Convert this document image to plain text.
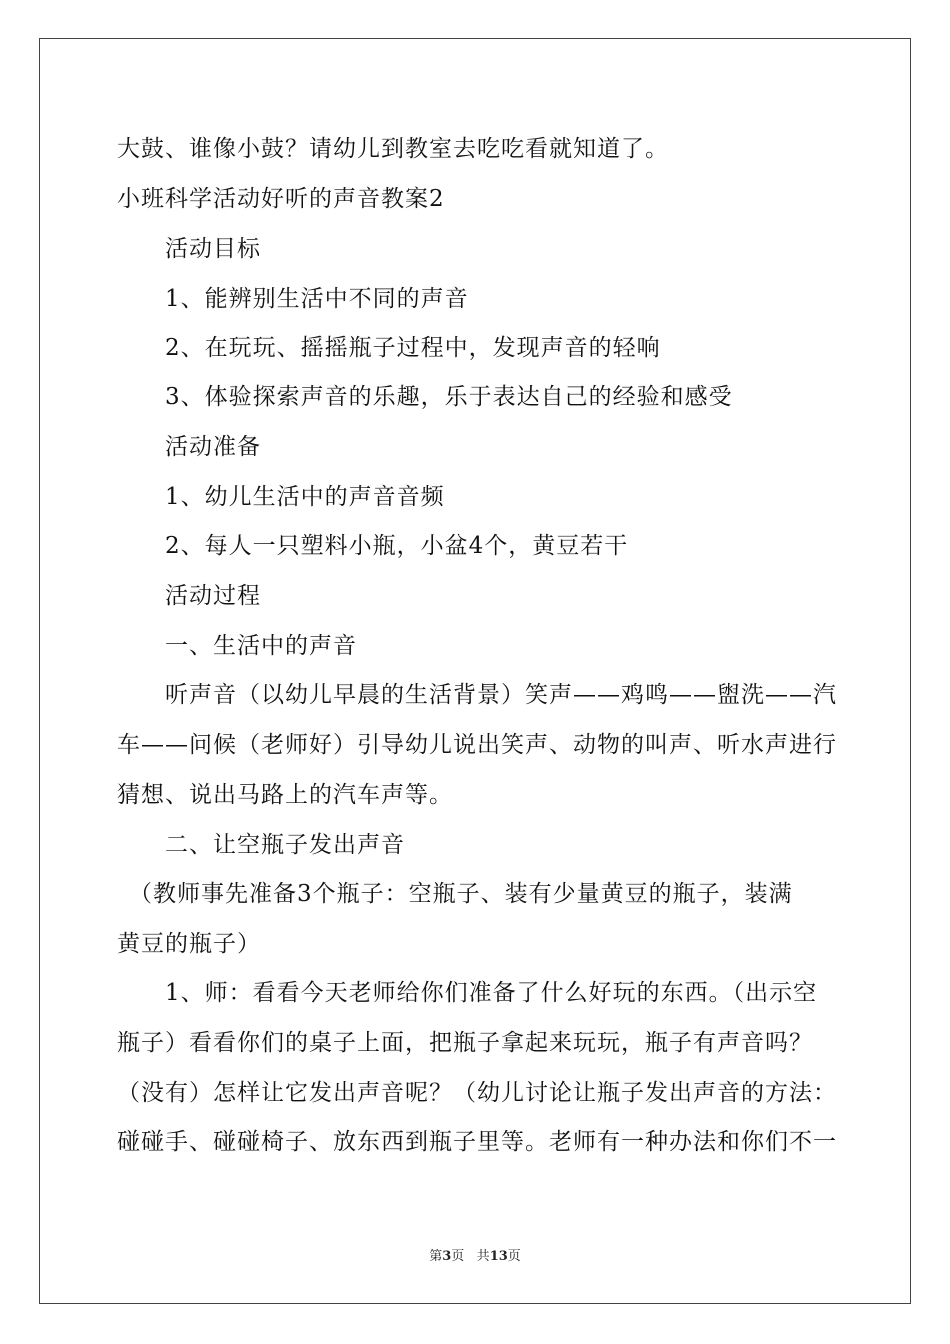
大鼓、谁像小鼓？请幼儿到教室去吃吃看就知道了。
小班科学活动好听的声音教案2
活动目标
1、能辨别生活中不同的声音
2、在玩玩、摇摇瓶子过程中，发现声音的轻响
3、体验探索声音的乐趣，乐于表达自己的经验和感受
活动准备
1、幼儿生活中的声音音频
2、每人一只塑料小瓶，小盆4个，黄豆若干
活动过程
一、生活中的声音
听声音（以幼儿早晨的生活背景）笑声——鸡鸣——盥洗——汽
车——问候（老师好）引导幼儿说出笑声、动物的叫声、听水声进行
猜想、说出马路上的汽车声等。
二、让空瓶子发出声音
（教师事先准备3个瓶子：空瓶子、装有少量黄豆的瓶子，装满
黄豆的瓶子）
1、师：看看今天老师给你们准备了什么好玩的东西。（出示空
瓶子）看看你们的桌子上面，把瓶子拿起来玩玩，瓶子有声音吗？
（没有）怎样让它发出声音呢？（幼儿讨论让瓶子发出声音的方法：
碰碰手、碰碰椅子、放东西到瓶子里等。老师有一种办法和你们不一
第3页 共13页
